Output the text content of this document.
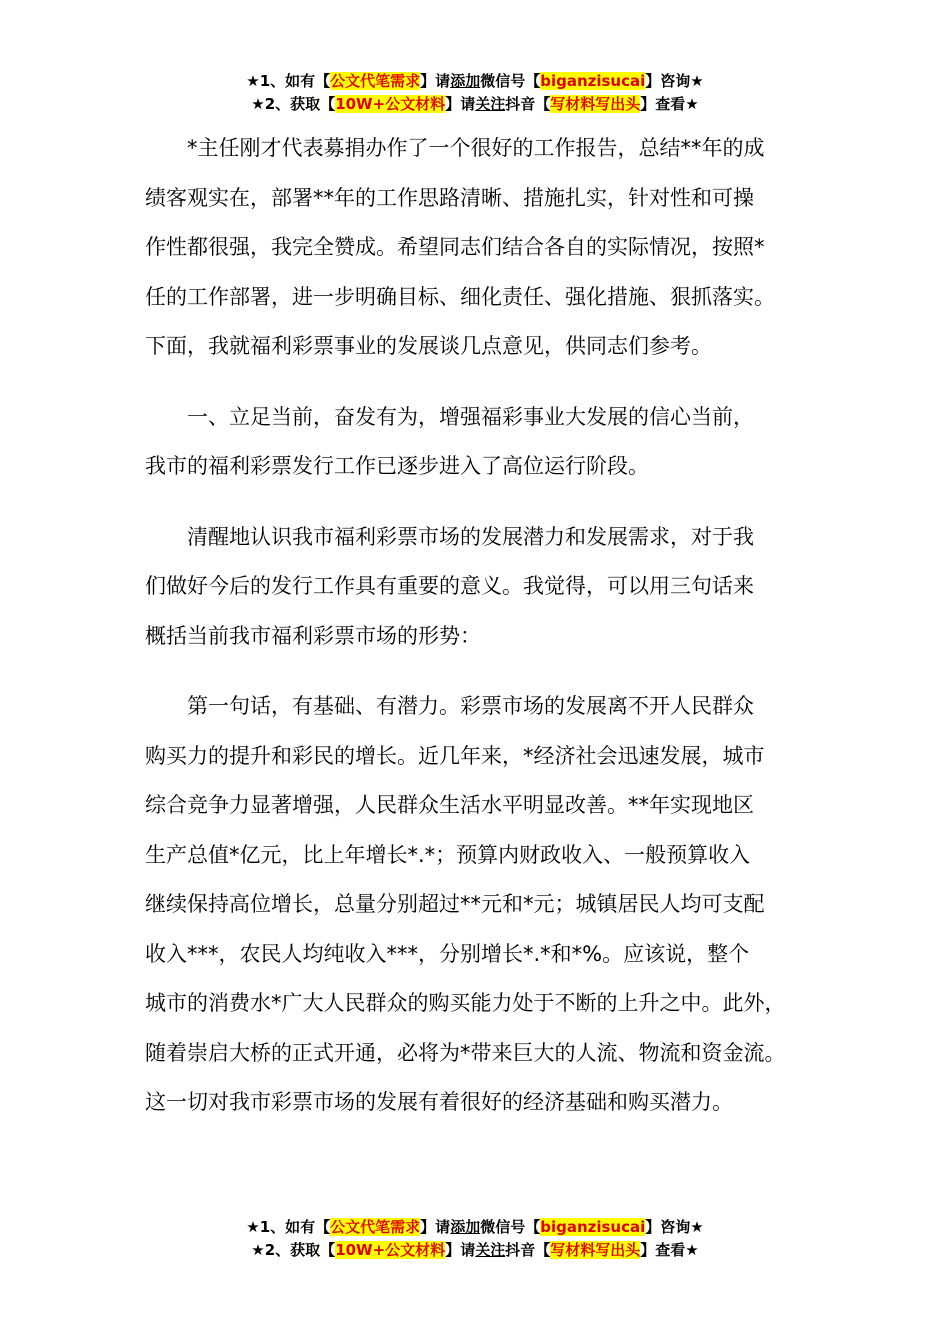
★1、如有【公文代笔需求】请添加微信号【biganzisucai】咨询★
★2、获取【10W+公文材料】请关注抖音【写材料写出头】查看★

*主任刚才代表募捐办作了一个很好的工作报告，总结**年的成
绩客观实在，部署**年的工作思路清晰、措施扎实，针对性和可操
作性都很强，我完全赞成。希望同志们结合各自的实际情况，按照*
任的工作部署，进一步明确目标、细化责任、强化措施、狠抓落实。
下面，我就福利彩票事业的发展谈几点意见，供同志们参考。

一、立足当前，奋发有为，增强福彩事业大发展的信心当前，
我市的福利彩票发行工作已逐步进入了高位运行阶段。

清醒地认识我市福利彩票市场的发展潜力和发展需求，对于我
们做好今后的发行工作具有重要的意义。我觉得，可以用三句话来
概括当前我市福利彩票市场的形势：

第一句话，有基础、有潜力。彩票市场的发展离不开人民群众
购买力的提升和彩民的增长。近几年来，*经济社会迅速发展，城市
综合竞争力显著增强，人民群众生活水平明显改善。**年实现地区
生产总值*亿元，比上年增长*.*；预算内财政收入、一般预算收入
继续保持高位增长，总量分别超过**元和*元；城镇居民人均可支配
收入***，农民人均纯收入***，分别增长*.*和*%。应该说，整个
城市的消费水*广大人民群众的购买能力处于不断的上升之中。此外，
随着崇启大桥的正式开通，必将为*带来巨大的人流、物流和资金流。
这一切对我市彩票市场的发展有着很好的经济基础和购买潜力。

★1、如有【公文代笔需求】请添加微信号【biganzisucai】咨询★
★2、获取【10W+公文材料】请关注抖音【写材料写出头】查看★
